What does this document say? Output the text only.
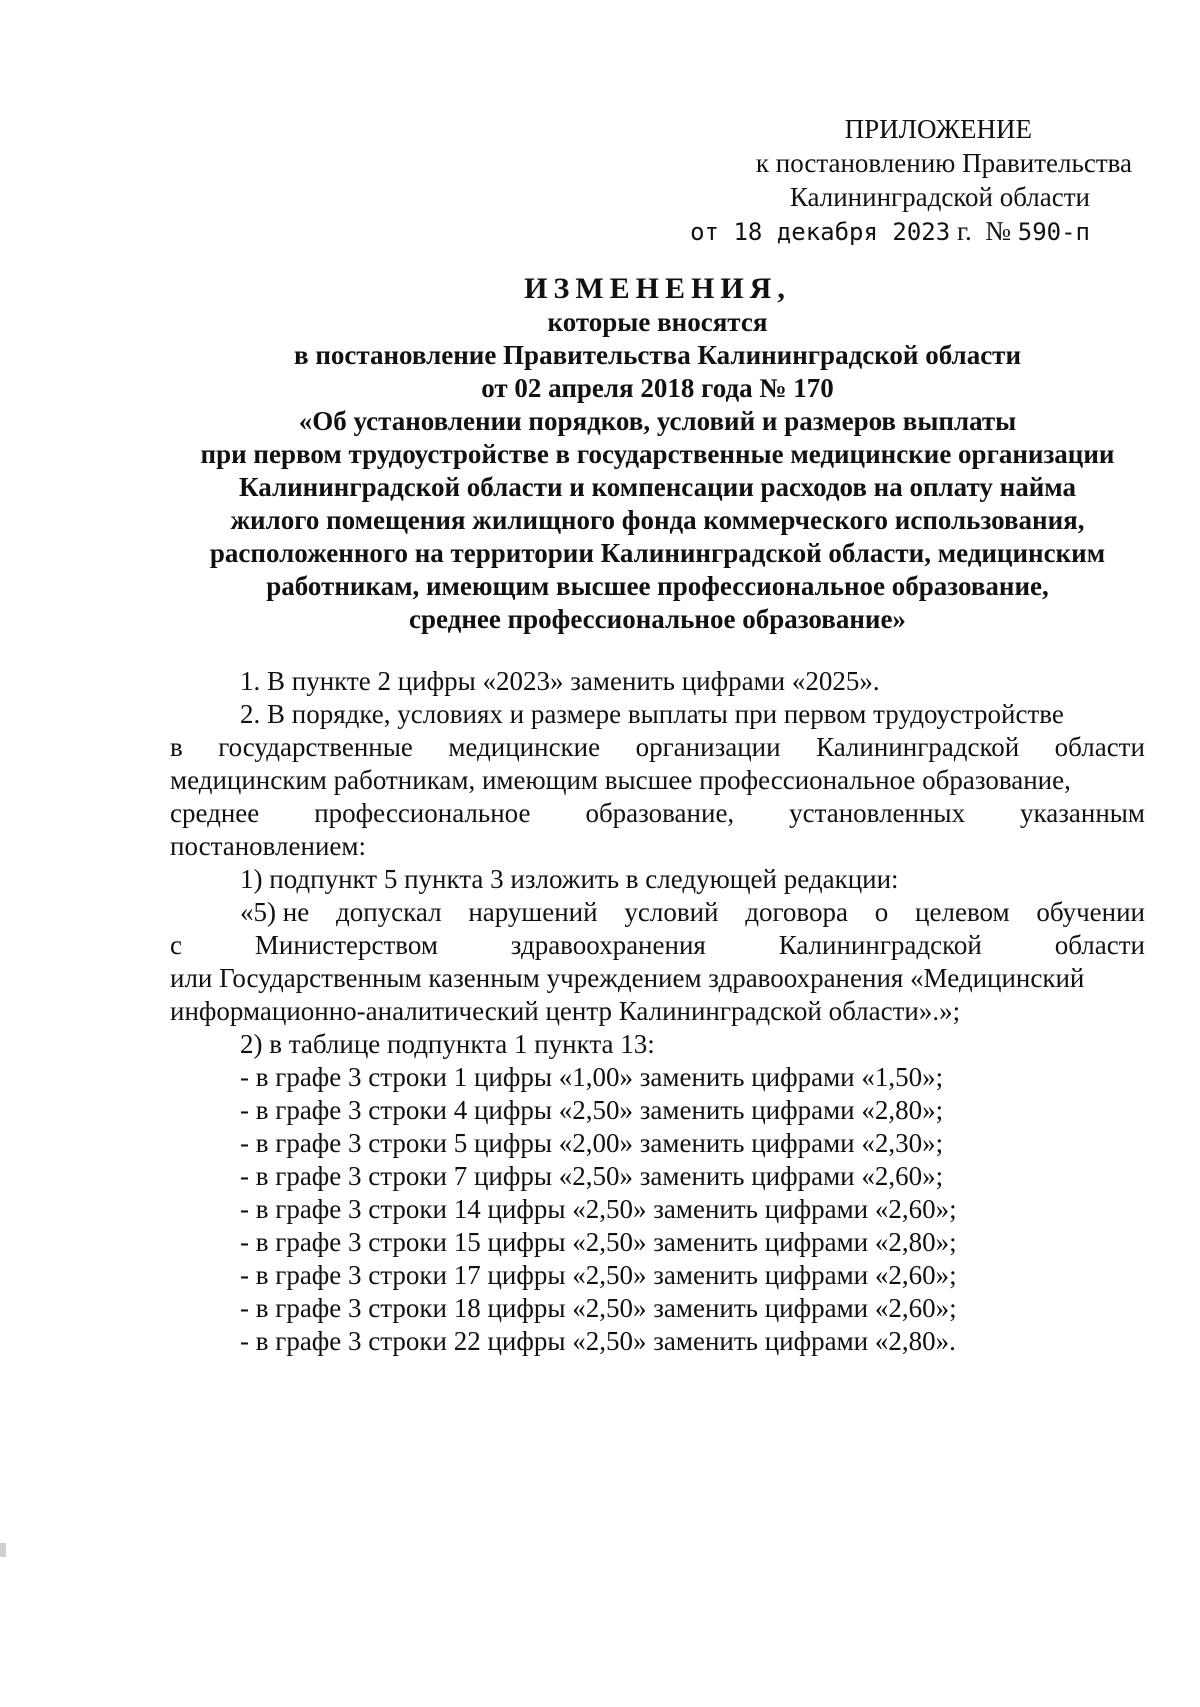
ПРИЛОЖЕНИЕ
к постановлению Правительства
Калининградской области
от 18 декабря 2023 г. № 590-п
ИЗМЕНЕНИЯ,
которые вносятся
в постановление Правительства Калининградской области
от 02 апреля 2018 года № 170
«Об установлении порядков, условий и размеров выплаты
при первом трудоустройстве в государственные медицинские организации
Калининградской области и компенсации расходов на оплату найма
жилого помещения жилищного фонда коммерческого использования,
расположенного на территории Калининградской области, медицинским
работникам, имеющим высшее профессиональное образование,
среднее профессиональное образование»
1. В пункте 2 цифры «2023» заменить цифрами «2025».
2. В порядке, условиях и размере выплаты при первом трудоустройстве
в государственные медицинские организации Калининградской области
медицинским работникам, имеющим высшее профессиональное образование,
среднее профессиональное образование, установленных указанным
постановлением:
1) подпункт 5 пункта 3 изложить в следующей редакции:
«5) не допускал нарушений условий договора о целевом обучении
с	Министерством	здравоохранения	Калининградской	области
или Государственным казенным учреждением здравоохранения «Медицинский
информационно-аналитический центр Калининградской области».»;
2) в таблице подпункта 1 пункта 13:
- в графе 3 строки 1 цифры «1,00» заменить цифрами «1,50»;
- в графе 3 строки 4 цифры «2,50» заменить цифрами «2,80»;
- в графе 3 строки 5 цифры «2,00» заменить цифрами «2,30»;
- в графе 3 строки 7 цифры «2,50» заменить цифрами «2,60»;
- в графе 3 строки 14 цифры «2,50» заменить цифрами «2,60»;
- в графе 3 строки 15 цифры «2,50» заменить цифрами «2,80»;
- в графе 3 строки 17 цифры «2,50» заменить цифрами «2,60»;
- в графе 3 строки 18 цифры «2,50» заменить цифрами «2,60»;
- в графе 3 строки 22 цифры «2,50» заменить цифрами «2,80».
